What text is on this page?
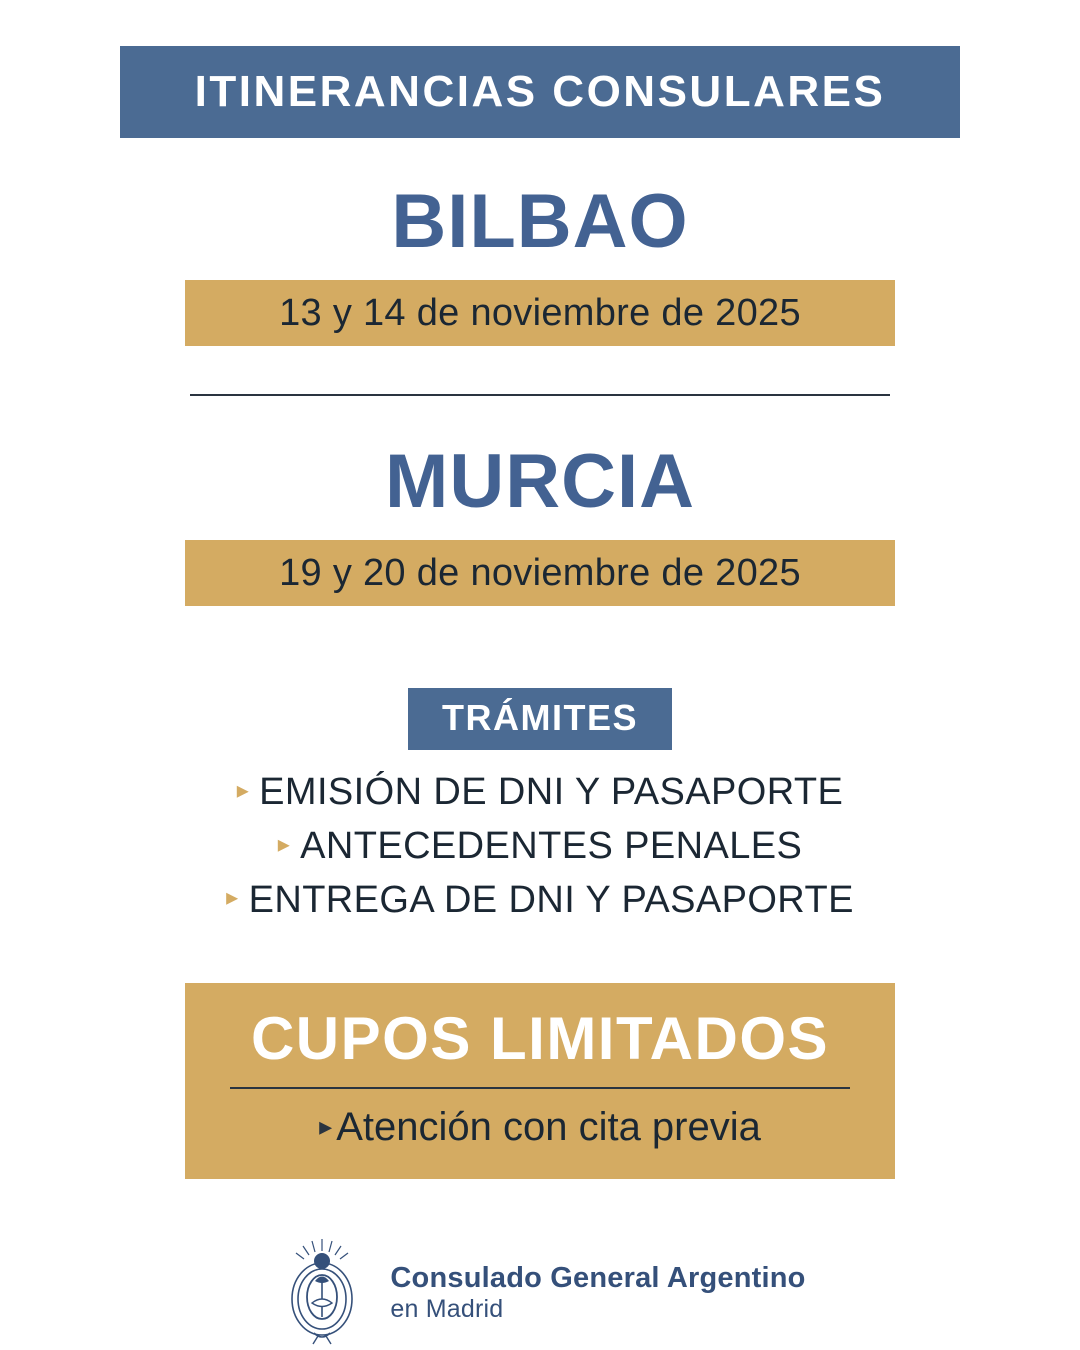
ITINERANCIAS CONSULARES
BILBAO
13 y 14 de noviembre de 2025
MURCIA
19 y 20 de noviembre de 2025
TRÁMITES
▸ EMISIÓN DE DNI Y PASAPORTE
▸ ANTECEDENTES PENALES
▸ ENTREGA DE DNI Y PASAPORTE
CUPOS LIMITADOS
▸ Atención con cita previa
Consulado General Argentino
en Madrid
